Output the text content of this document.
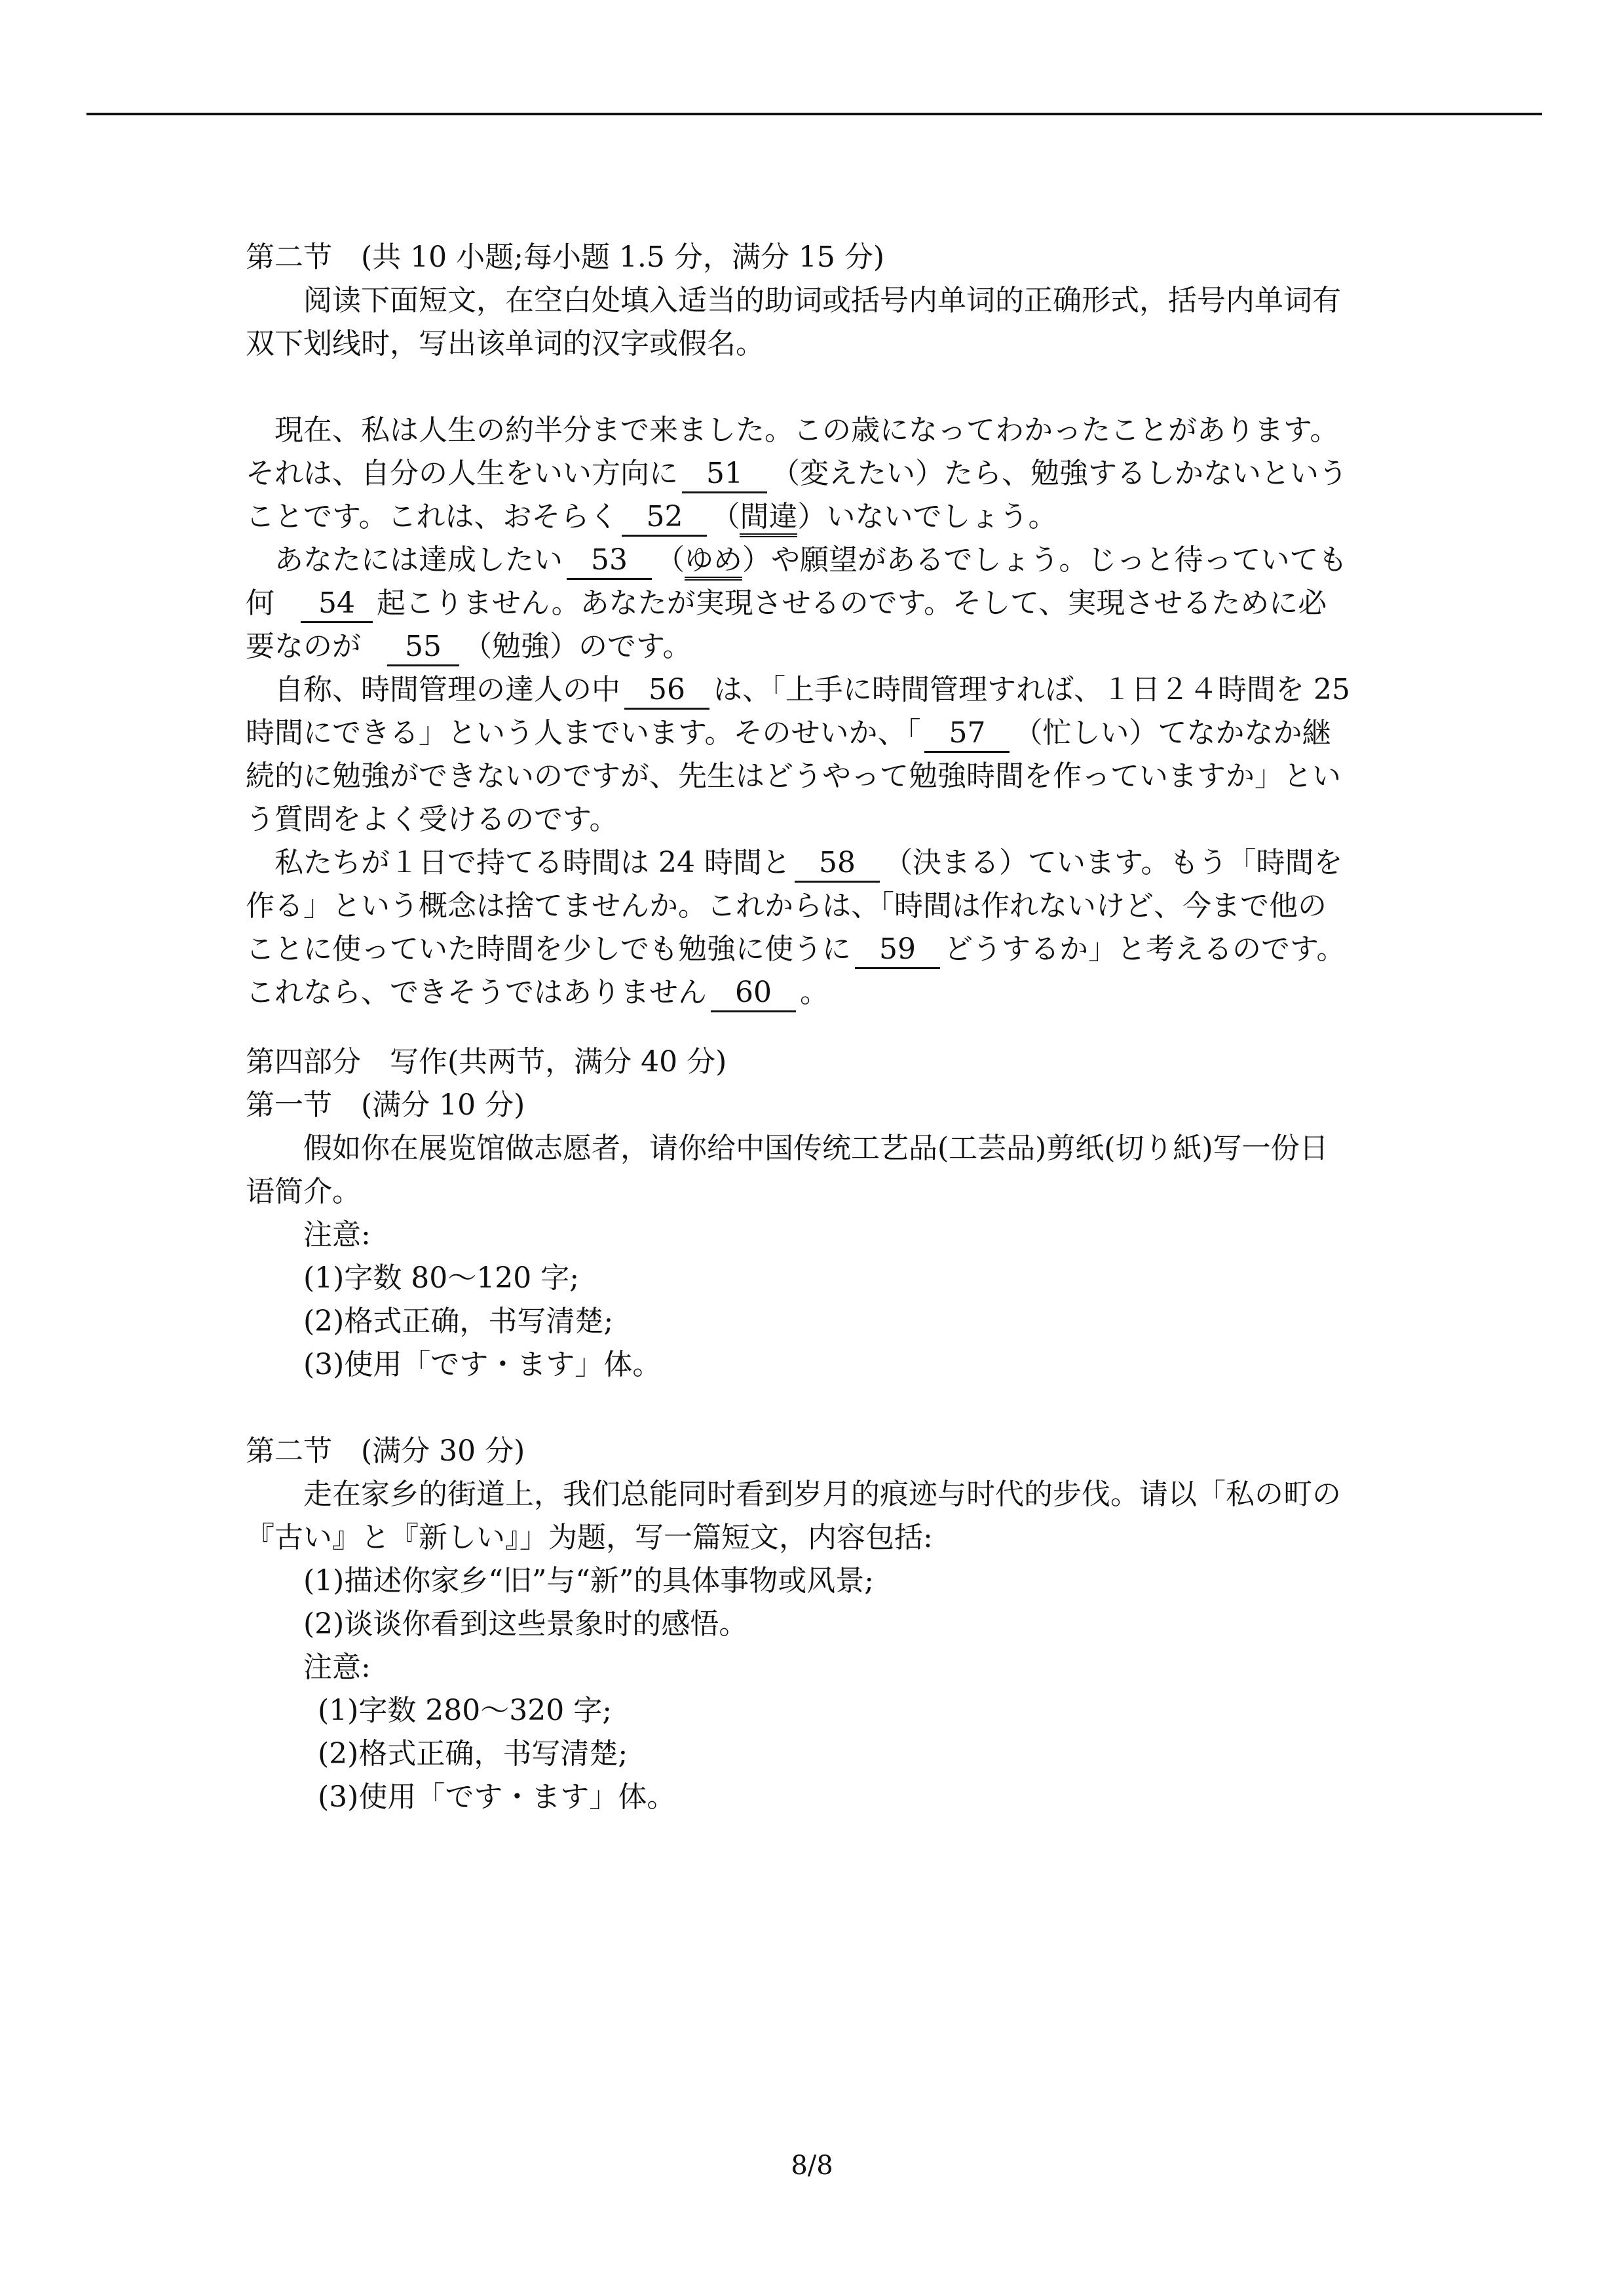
第二节　(共 10 小题;每小题 1.5 分，满分 15 分)
阅读下面短文，在空白处填入适当的助词或括号内单词的正确形式，括号内单词有
双下划线时，写出该单词的汉字或假名。
現在、私は人生の約半分まで来ました。この歳になってわかったことがあります。
それは、自分の人生をいい方向に 51 （変えたい）たら、勉強するしかないという
ことです。これは、おそらく 52 （間違）いないでしょう。
あなたには達成したい 53 （ゆめ）や願望があるでしょう。じっと待っていても
何 54 起こりません。あなたが実現させるのです。そして、実現させるために必
要なのが 55 （勉強）のです。
自称、時間管理の達人の中 56 は、「上手に時間管理すれば、１日２４時間を 25
時間にできる」という人までいます。そのせいか、「 57 （忙しい）てなかなか継
続的に勉強ができないのですが、先生はどうやって勉強時間を作っていますか」とい
う質問をよく受けるのです。
私たちが１日で持てる時間は 24 時間と 58 （決まる）ています。もう「時間を
作る」という概念は捨てませんか。これからは、「時間は作れないけど、今まで他の
ことに使っていた時間を少しでも勉強に使うに 59 どうするか」と考えるのです。
これなら、できそうではありません 60 。
第四部分　写作(共两节，满分 40 分)
第一节　(满分 10 分)
假如你在展览馆做志愿者，请你给中国传统工艺品(工芸品)剪纸(切り紙)写一份日
语简介。
注意:
(1)字数 80～120 字;
(2)格式正确，书写清楚;
(3)使用「です・ます」体。
第二节　(满分 30 分)
走在家乡的街道上，我们总能同时看到岁月的痕迹与时代的步伐。请以「私の町の
『古い』と『新しい』」为题，写一篇短文，内容包括:
(1)描述你家乡“旧”与“新”的具体事物或风景;
(2)谈谈你看到这些景象时的感悟。
注意:
(1)字数 280～320 字;
(2)格式正确，书写清楚;
(3)使用「です・ます」体。
8/8
